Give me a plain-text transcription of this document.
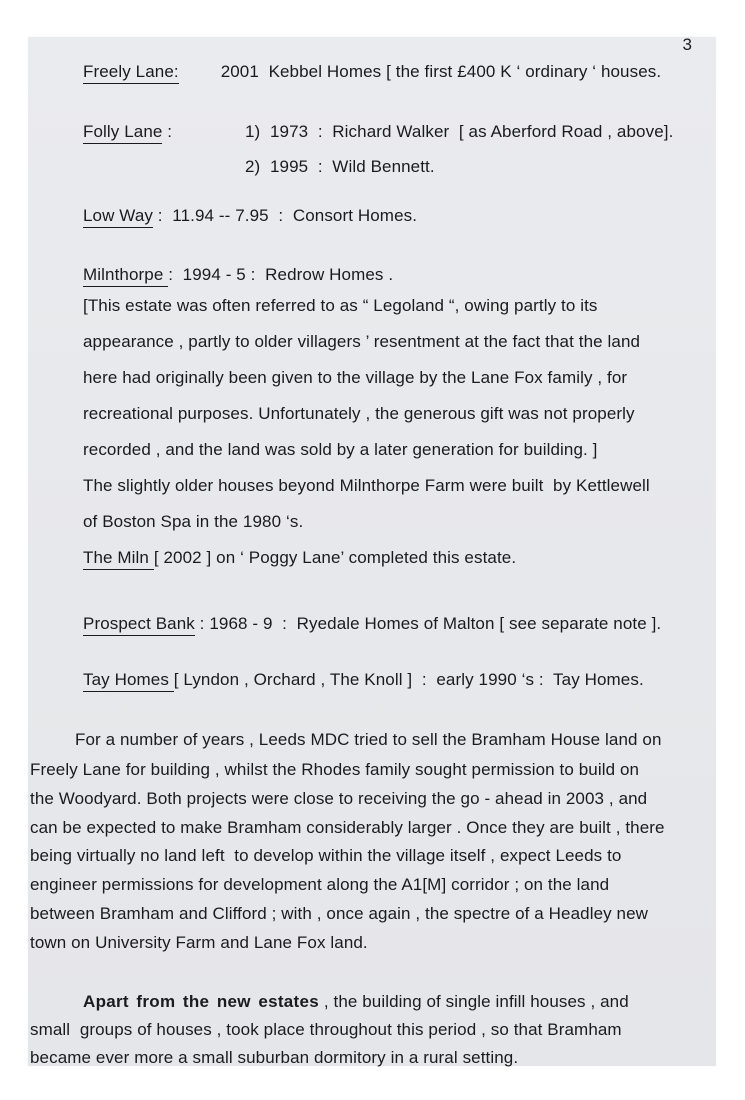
3
Freely Lane: 2001  Kebbel Homes [ the first £400 K ‘ ordinary ‘ houses.
Folly Lane :	1)  1973  :  Richard Walker  [ as Aberford Road , above].
2)  1995  :  Wild Bennett.
Low Way :  11.94 -- 7.95  :  Consort Homes.
Milnthorpe :  1994 - 5 :  Redrow Homes .
[This estate was often referred to as “ Legoland “, owing partly to its
appearance , partly to older villagers ’ resentment at the fact that the land
here had originally been given to the village by the Lane Fox family , for
recreational purposes. Unfortunately , the generous gift was not properly
recorded , and the land was sold by a later generation for building. ]
The slightly older houses beyond Milnthorpe Farm were built  by Kettlewell
of Boston Spa in the 1980 ‘s.
The Miln [ 2002 ] on ‘ Poggy Lane’ completed this estate.
Prospect Bank : 1968 - 9  :  Ryedale Homes of Malton [ see separate note ].
Tay Homes [ Lyndon , Orchard , The Knoll ]  :  early 1990 ‘s :  Tay Homes.
For a number of years , Leeds MDC tried to sell the Bramham House land on
Freely Lane for building , whilst the Rhodes family sought permission to build on
the Woodyard. Both projects were close to receiving the go - ahead in 2003 , and
can be expected to make Bramham considerably larger . Once they are built , there
being virtually no land left  to develop within the village itself , expect Leeds to
engineer permissions for development along the A1[M] corridor ; on the land
between Bramham and Clifford ; with , once again , the spectre of a Headley new
town on University Farm and Lane Fox land.
Apart from the new estates , the building of single infill houses , and
small  groups of houses , took place throughout this period , so that Bramham
became ever more a small suburban dormitory in a rural setting.
